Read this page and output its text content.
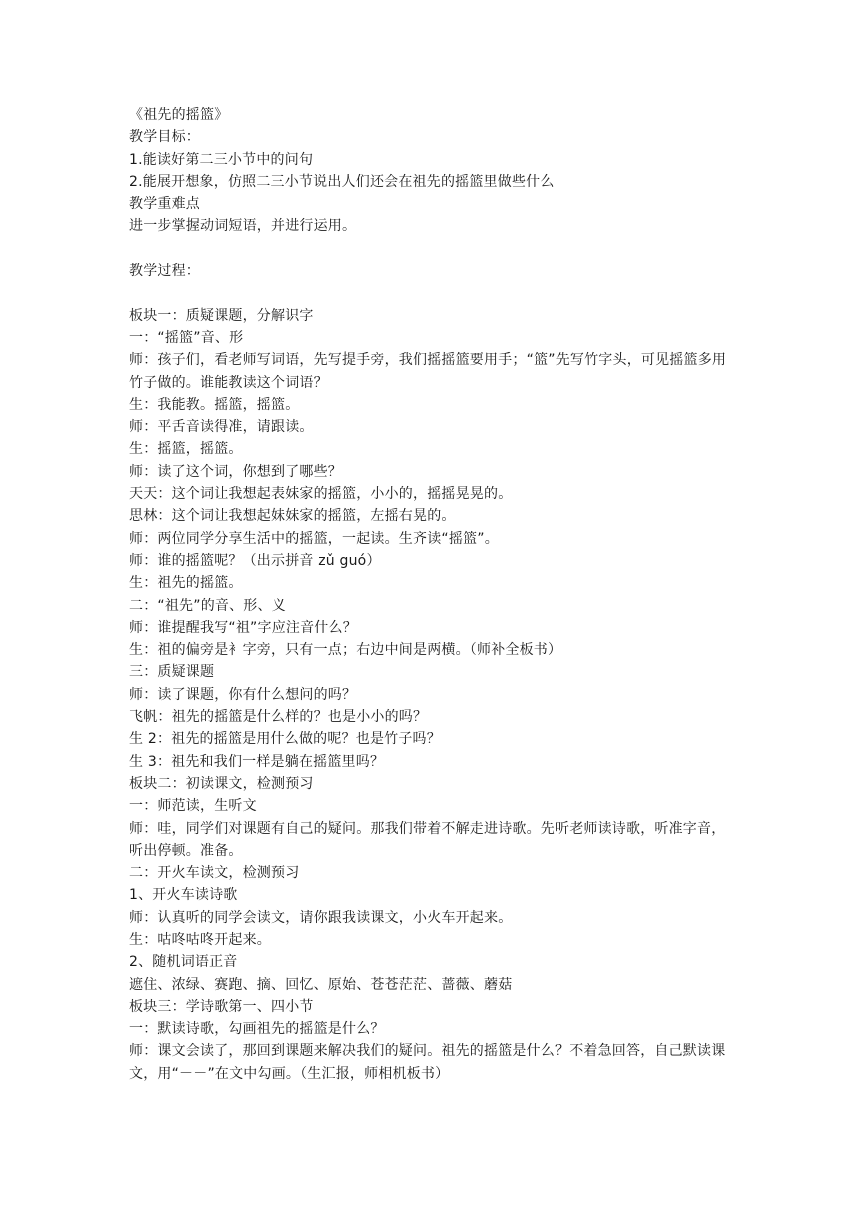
《祖先的摇篮》
教学目标：
1.能读好第二三小节中的问句
2.能展开想象，仿照二三小节说出人们还会在祖先的摇篮里做些什么
教学重难点
进一步掌握动词短语，并进行运用。
教学过程：
板块一：质疑课题，分解识字
一：“摇篮”音、形
师：孩子们，看老师写词语，先写提手旁，我们摇摇篮要用手；“篮”先写竹字头，可见摇篮多用竹子做的。谁能教读这个词语？
生：我能教。摇篮，摇篮。
师：平舌音读得准，请跟读。
生：摇篮，摇篮。
师：读了这个词，你想到了哪些？
天天：这个词让我想起表妹家的摇篮，小小的，摇摇晃晃的。
思林：这个词让我想起妹妹家的摇篮，左摇右晃的。
师：两位同学分享生活中的摇篮，一起读。生齐读“摇篮”。
师：谁的摇篮呢？（出示拼音 zǔ guó）
生：祖先的摇篮。
二：“祖先”的音、形、义
师：谁提醒我写“祖”字应注音什么？
生：祖的偏旁是衤字旁，只有一点；右边中间是两横。（师补全板书）
三：质疑课题
师：读了课题，你有什么想问的吗？
飞帆：祖先的摇篮是什么样的？也是小小的吗？
生 2：祖先的摇篮是用什么做的呢？也是竹子吗？
生 3：祖先和我们一样是躺在摇篮里吗？
板块二：初读课文，检测预习
一：师范读，生听文
师：哇，同学们对课题有自己的疑问。那我们带着不解走进诗歌。先听老师读诗歌，听准字音，听出停顿。准备。
二：开火车读文，检测预习
1、开火车读诗歌
师：认真听的同学会读文，请你跟我读课文，小火车开起来。
生：咕咚咕咚开起来。
2、随机词语正音
遮住、浓绿、赛跑、摘、回忆、原始、苍苍茫茫、蔷薇、蘑菇
板块三：学诗歌第一、四小节
一：默读诗歌，勾画祖先的摇篮是什么？
师：课文会读了，那回到课题来解决我们的疑问。祖先的摇篮是什么？不着急回答，自己默读课文，用“－－”在文中勾画。（生汇报，师相机板书）
